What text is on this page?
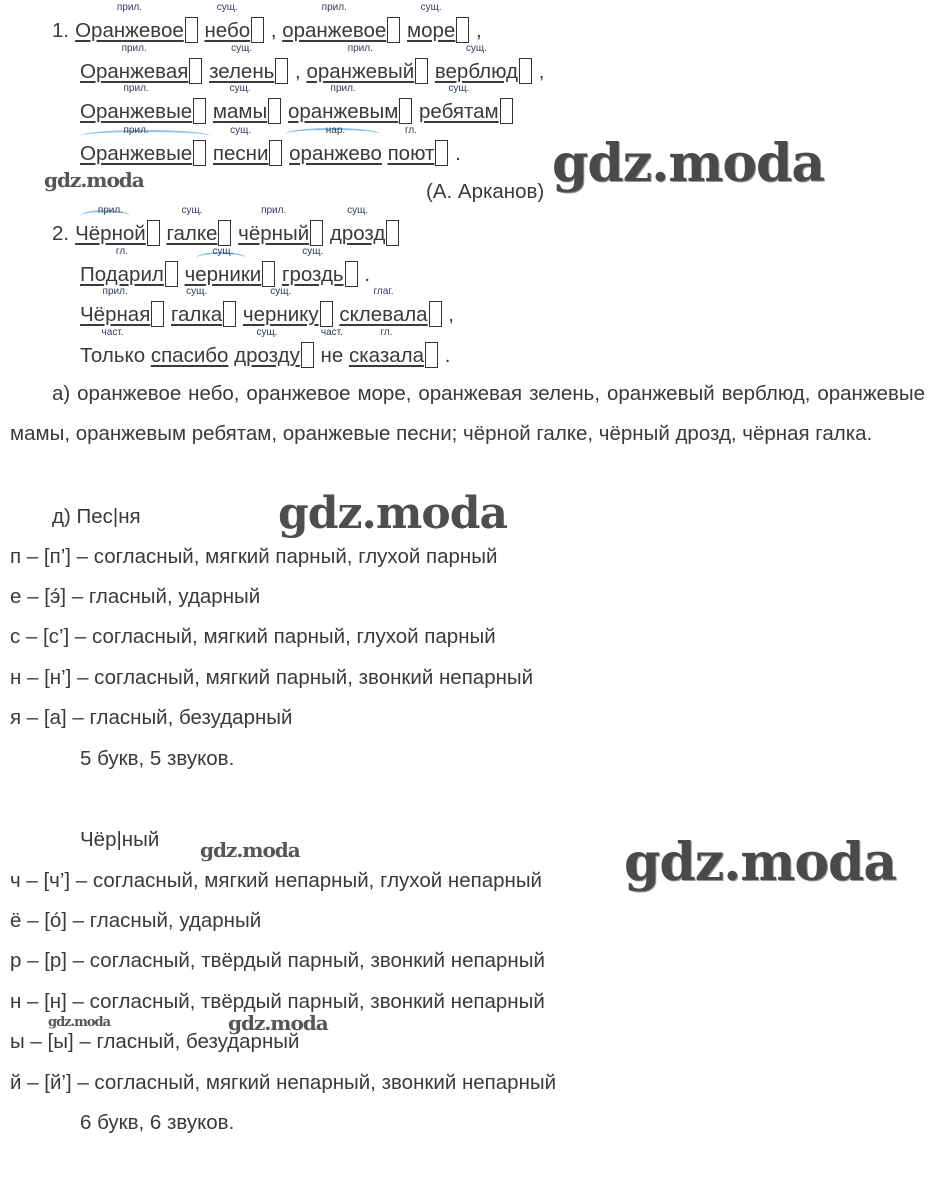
1.
прил.
Оранжевое
сущ.
небо ,
прил.
оранжевое
сущ.
море ,
прил.
Оранжевая
сущ.
зелень ,
прил.
оранжевый
сущ.
верблюд ,
прил.
Оранжевые
сущ.
мамы
прил.
оранжевым
сущ.
ребятам
прил.
Оранжевые
сущ.
песни
нар.
оранжево
гл.
поют .
gdz.moda	gdz.moda
(А. Арканов)
2.
прил.
Чёрной
сущ.
галке
прил.
чёрный
сущ.
дрозд
гл.
Подарил
сущ.
черники
сущ.
гроздь .
прил.
Чёрная
сущ.
галка
сущ.
чернику
глаг.
склевала ,
част.
Только спасибо
сущ.
дрозду
част.
не
гл.
сказала .
а) оранжевое небо, оранжевое море, оранжевая зелень, оранжевый верблюд, оранжевые мамы, оранжевым ребятам, оранжевые песни; чёрной галке, чёрный дрозд, чёрная галка.
д) Пес|ня	gdz.moda
п – [п’] – согласный, мягкий парный, глухой парный
е – [э́] – гласный, ударный
с – [с’] – согласный, мягкий парный, глухой парный
н – [н’] – согласный, мягкий парный, звонкий непарный
я – [а] – гласный, безударный
5 букв, 5 звуков.
Чёр|ный gdz.moda
ч – [ч’] – согласный, мягкий непарный, глухой непарный gdz.moda
ё – [о́] – гласный, ударный
р – [р] – согласный, твёрдый парный, звонкий непарный
н – [н] – согласный, твёрдый парный, звонкий непарный
gdz.moda	gdz.moda
ы – [ы] – гласный, безударный
й – [й’] – согласный, мягкий непарный, звонкий непарный
6 букв, 6 звуков.
